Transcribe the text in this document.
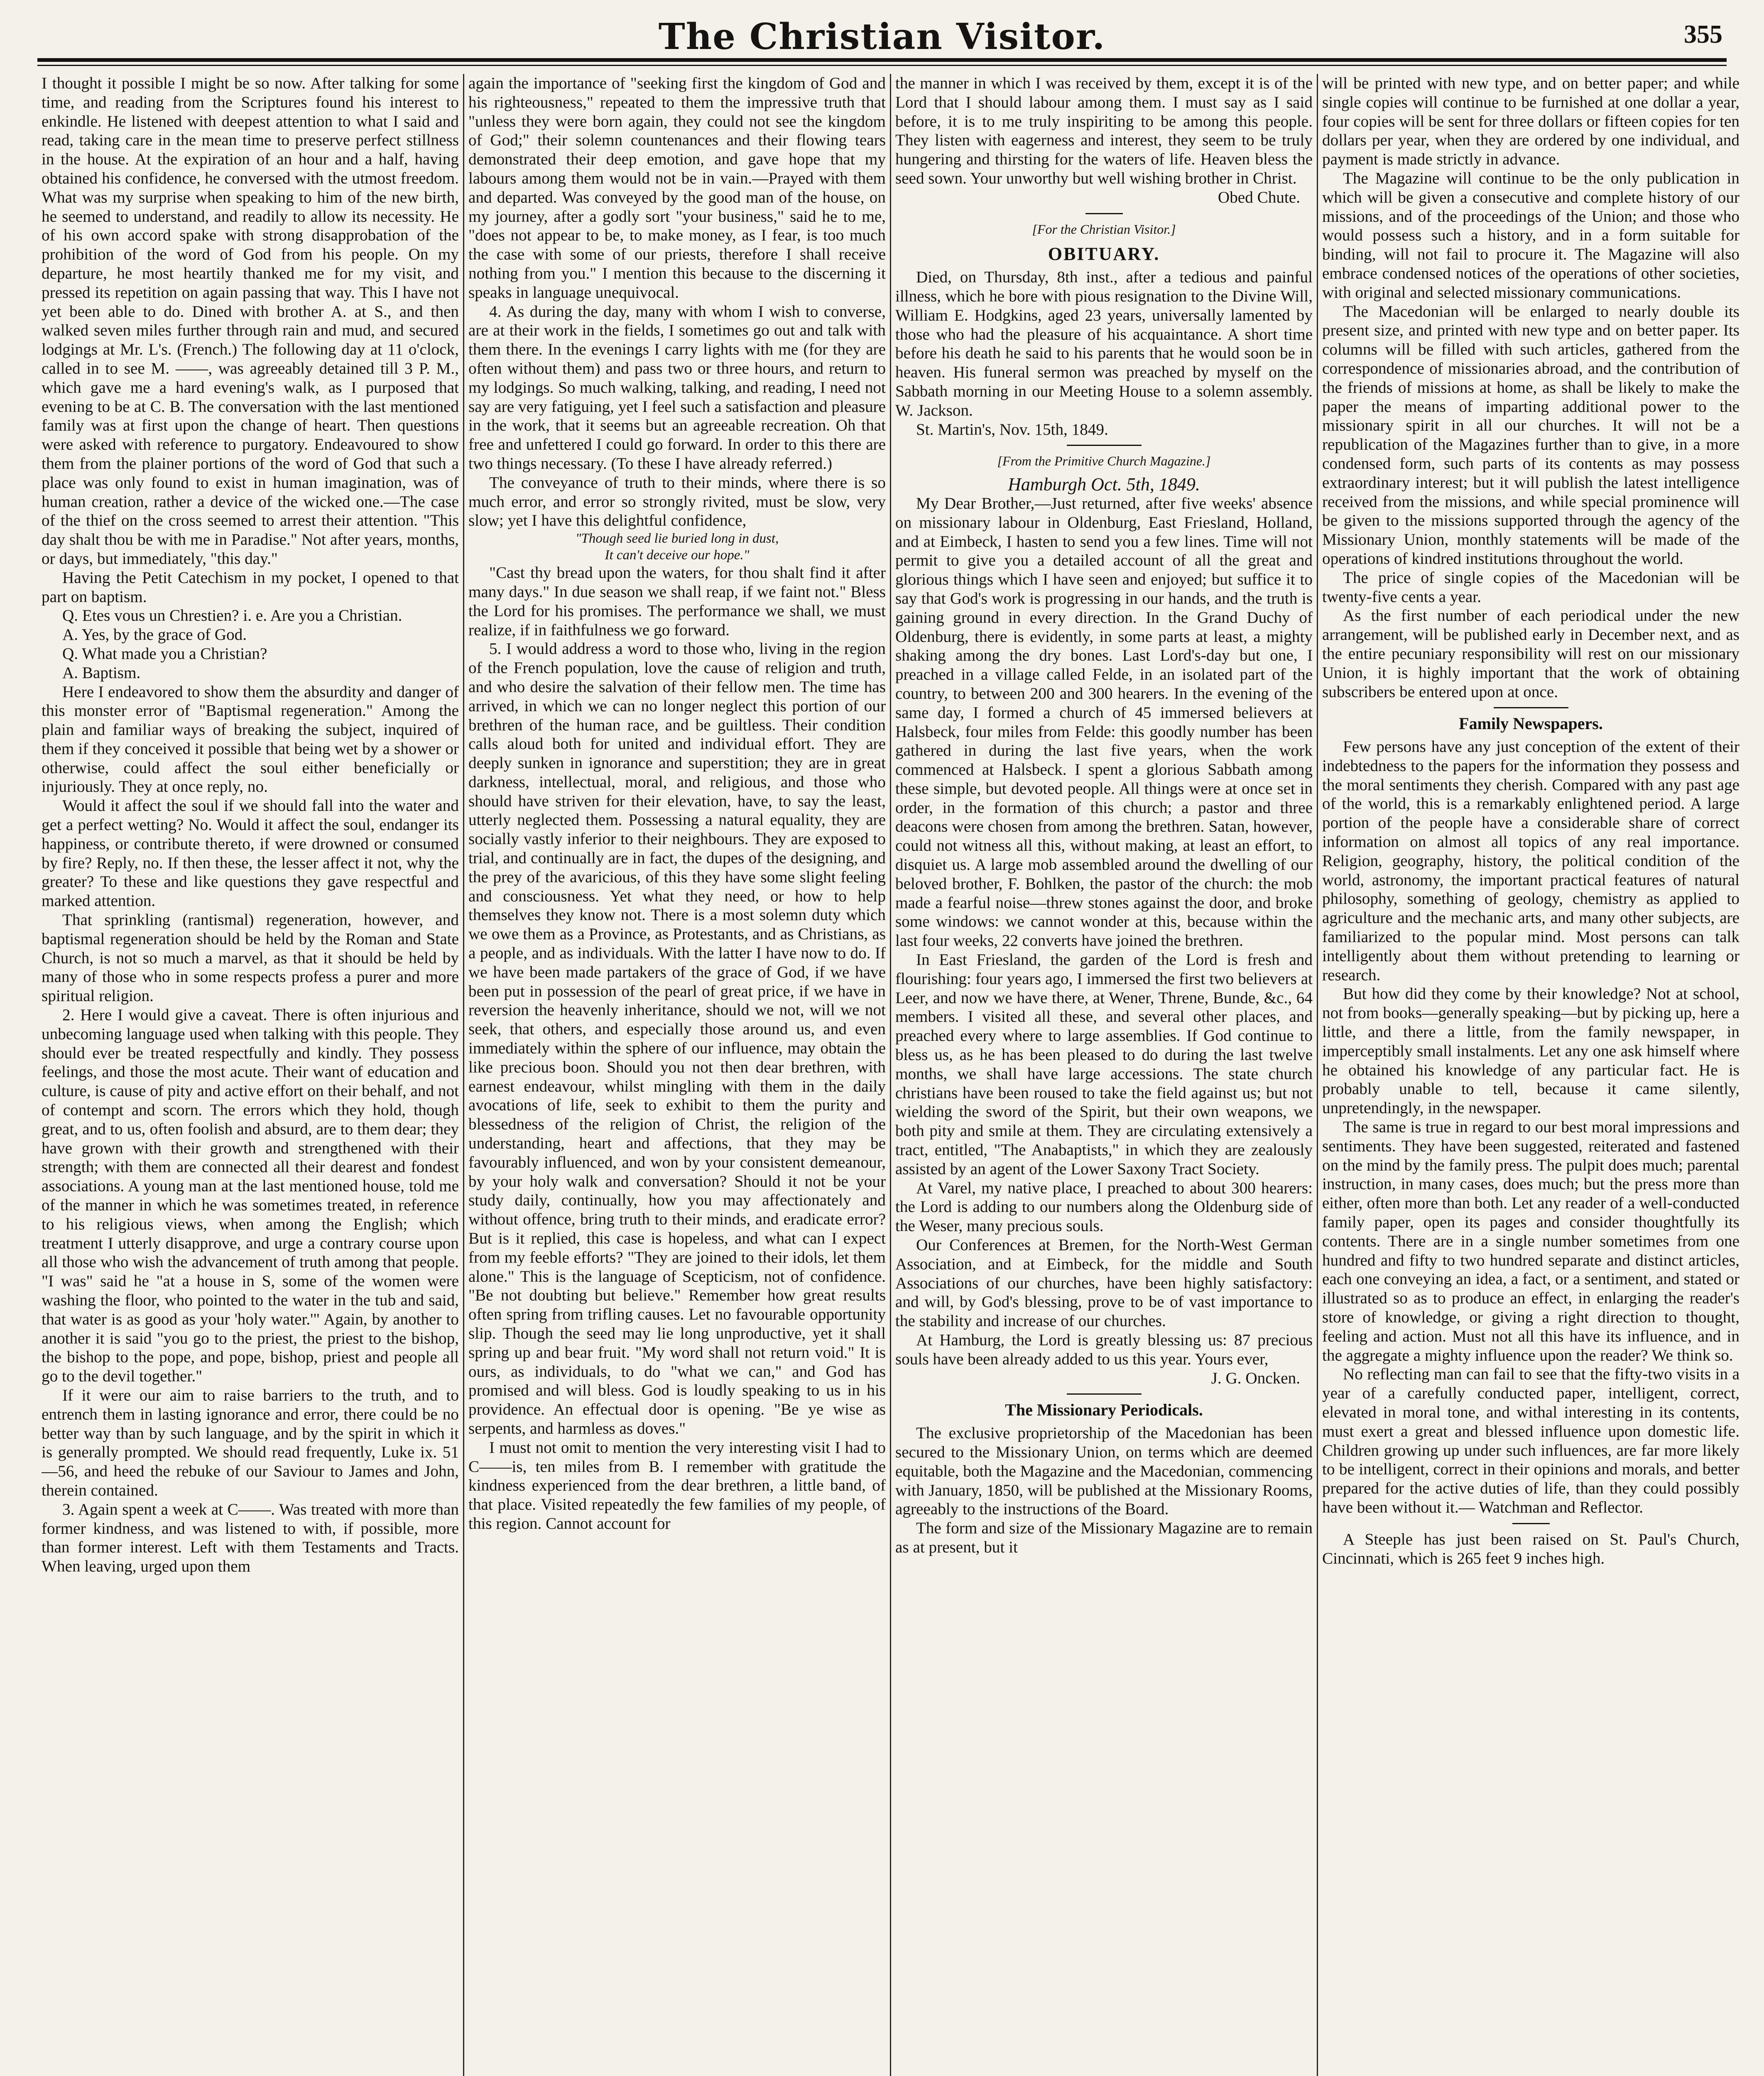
The Christian Visitor.	355

I thought it possible I might be so now. After talking for some time, and reading from the Scriptures found his interest to enkindle. He listened with deepest attention to what I said and read, taking care in the mean time to preserve perfect stillness in the house. At the expiration of an hour and a half, having obtained his confidence, he conversed with the utmost freedom. What was my surprise when speaking to him of the new birth, he seemed to understand, and readily to allow its necessity. He of his own accord spake with strong disapprobation of the prohibition of the word of God from his people. On my departure, he most heartily thanked me for my visit, and pressed its repetition on again passing that way. This I have not yet been able to do. Dined with brother A. at S., and then walked seven miles further through rain and mud, and secured lodgings at Mr. L's. (French.) The following day at 11 o'clock, called in to see M. ——, was agreeably detained till 3 P. M., which gave me a hard evening's walk, as I purposed that evening to be at C. B. The conversation with the last mentioned family was at first upon the change of heart. Then questions were asked with reference to purgatory. Endeavoured to show them from the plainer portions of the word of God that such a place was only found to exist in human imagination, was of human creation, rather a device of the wicked one.—The case of the thief on the cross seemed to arrest their attention. "This day shalt thou be with me in Paradise." Not after years, months, or days, but immediately, "this day."

Having the Petit Catechism in my pocket, I opened to that part on baptism.

Q. Etes vous un Chrestien? i. e. Are you a Christian.

A. Yes, by the grace of God.

Q. What made you a Christian?

A. Baptism.

Here I endeavored to show them the absurdity and danger of this monster error of "Baptismal regeneration." Among the plain and familiar ways of breaking the subject, inquired of them if they conceived it possible that being wet by a shower or otherwise, could affect the soul either beneficially or injuriously. They at once reply, no.

Would it affect the soul if we should fall into the water and get a perfect wetting? No. Would it affect the soul, endanger its happiness, or contribute thereto, if were drowned or consumed by fire? Reply, no. If then these, the lesser affect it not, why the greater? To these and like questions they gave respectful and marked attention.

That sprinkling (rantismal) regeneration, however, and baptismal regeneration should be held by the Roman and State Church, is not so much a marvel, as that it should be held by many of those who in some respects profess a purer and more spiritual religion.

2. Here I would give a caveat. There is often injurious and unbecoming language used when talking with this people. They should ever be treated respectfully and kindly. They possess feelings, and those the most acute. Their want of education and culture, is cause of pity and active effort on their behalf, and not of contempt and scorn. The errors which they hold, though great, and to us, often foolish and absurd, are to them dear; they have grown with their growth and strengthened with their strength; with them are connected all their dearest and fondest associations. A young man at the last mentioned house, told me of the manner in which he was sometimes treated, in reference to his religious views, when among the English; which treatment I utterly disapprove, and urge a contrary course upon all those who wish the advancement of truth among that people. "I was" said he "at a house in S, some of the women were washing the floor, who pointed to the water in the tub and said, that water is as good as your 'holy water.'" Again, by another to another it is said "you go to the priest, the priest to the bishop, the bishop to the pope, and pope, bishop, priest and people all go to the devil together."

If it were our aim to raise barriers to the truth, and to entrench them in lasting ignorance and error, there could be no better way than by such language, and by the spirit in which it is generally prompted. We should read frequently, Luke ix. 51—56, and heed the rebuke of our Saviour to James and John, therein contained.

3. Again spent a week at C——. Was treated with more than former kindness, and was listened to with, if possible, more than former interest. Left with them Testaments and Tracts. When leaving, urged upon them

again the importance of "seeking first the kingdom of God and his righteousness," repeated to them the impressive truth that "unless they were born again, they could not see the kingdom of God;" their solemn countenances and their flowing tears demonstrated their deep emotion, and gave hope that my labours among them would not be in vain.—Prayed with them and departed. Was conveyed by the good man of the house, on my journey, after a godly sort "your business," said he to me, "does not appear to be, to make money, as I fear, is too much the case with some of our priests, therefore I shall receive nothing from you." I mention this because to the discerning it speaks in language unequivocal.

4. As during the day, many with whom I wish to converse, are at their work in the fields, I sometimes go out and talk with them there. In the evenings I carry lights with me (for they are often without them) and pass two or three hours, and return to my lodgings. So much walking, talking, and reading, I need not say are very fatiguing, yet I feel such a satisfaction and pleasure in the work, that it seems but an agreeable recreation. Oh that free and unfettered I could go forward. In order to this there are two things necessary. (To these I have already referred.)

The conveyance of truth to their minds, where there is so much error, and error so strongly rivited, must be slow, very slow; yet I have this delightful confidence,

"Though seed lie buried long in dust,

It can't deceive our hope."

"Cast thy bread upon the waters, for thou shalt find it after many days." In due season we shall reap, if we faint not." Bless the Lord for his promises. The performance we shall, we must realize, if in faithfulness we go forward.

5. I would address a word to those who, living in the region of the French population, love the cause of religion and truth, and who desire the salvation of their fellow men. The time has arrived, in which we can no longer neglect this portion of our brethren of the human race, and be guiltless. Their condition calls aloud both for united and individual effort. They are deeply sunken in ignorance and superstition; they are in great darkness, intellectual, moral, and religious, and those who should have striven for their elevation, have, to say the least, utterly neglected them. Possessing a natural equality, they are socially vastly inferior to their neighbours. They are exposed to trial, and continually are in fact, the dupes of the designing, and the prey of the avaricious, of this they have some slight feeling and consciousness. Yet what they need, or how to help themselves they know not. There is a most solemn duty which we owe them as a Province, as Protestants, and as Christians, as a people, and as individuals. With the latter I have now to do. If we have been made partakers of the grace of God, if we have been put in possession of the pearl of great price, if we have in reversion the heavenly inheritance, should we not, will we not seek, that others, and especially those around us, and even immediately within the sphere of our influence, may obtain the like precious boon. Should you not then dear brethren, with earnest endeavour, whilst mingling with them in the daily avocations of life, seek to exhibit to them the purity and blessedness of the religion of Christ, the religion of the understanding, heart and affections, that they may be favourably influenced, and won by your consistent demeanour, by your holy walk and conversation? Should it not be your study daily, continually, how you may affectionately and without offence, bring truth to their minds, and eradicate error? But is it replied, this case is hopeless, and what can I expect from my feeble efforts? "They are joined to their idols, let them alone." This is the language of Scepticism, not of confidence. "Be not doubting but believe." Remember how great results often spring from trifling causes. Let no favourable opportunity slip. Though the seed may lie long unproductive, yet it shall spring up and bear fruit. "My word shall not return void." It is ours, as individuals, to do "what we can," and God has promised and will bless. God is loudly speaking to us in his providence. An effectual door is opening. "Be ye wise as serpents, and harmless as doves."

I must not omit to mention the very interesting visit I had to C——is, ten miles from B. I remember with gratitude the kindness experienced from the dear brethren, a little band, of that place. Visited repeatedly the few families of my people, of this region. Cannot account for

the manner in which I was received by them, except it is of the Lord that I should labour among them. I must say as I said before, it is to me truly inspiriting to be among this people. They listen with eagerness and interest, they seem to be truly hungering and thirsting for the waters of life. Heaven bless the seed sown. Your unworthy but well wishing brother in Christ.

Obed Chute.

[For the Christian Visitor.]

OBITUARY.

Died, on Thursday, 8th inst., after a tedious and painful illness, which he bore with pious resignation to the Divine Will, William E. Hodgkins, aged 23 years, universally lamented by those who had the pleasure of his acquaintance. A short time before his death he said to his parents that he would soon be in heaven. His funeral sermon was preached by myself on the Sabbath morning in our Meeting House to a solemn assembly. W. Jackson.

St. Martin's, Nov. 15th, 1849.

[From the Primitive Church Magazine.]

Hamburgh Oct. 5th, 1849.

My Dear Brother,—Just returned, after five weeks' absence on missionary labour in Oldenburg, East Friesland, Holland, and at Eimbeck, I hasten to send you a few lines. Time will not permit to give you a detailed account of all the great and glorious things which I have seen and enjoyed; but suffice it to say that God's work is progressing in our hands, and the truth is gaining ground in every direction. In the Grand Duchy of Oldenburg, there is evidently, in some parts at least, a mighty shaking among the dry bones. Last Lord's-day but one, I preached in a village called Felde, in an isolated part of the country, to between 200 and 300 hearers. In the evening of the same day, I formed a church of 45 immersed believers at Halsbeck, four miles from Felde: this goodly number has been gathered in during the last five years, when the work commenced at Halsbeck. I spent a glorious Sabbath among these simple, but devoted people. All things were at once set in order, in the formation of this church; a pastor and three deacons were chosen from among the brethren. Satan, however, could not witness all this, without making, at least an effort, to disquiet us. A large mob assembled around the dwelling of our beloved brother, F. Bohlken, the pastor of the church: the mob made a fearful noise—threw stones against the door, and broke some windows: we cannot wonder at this, because within the last four weeks, 22 converts have joined the brethren.

In East Friesland, the garden of the Lord is fresh and flourishing: four years ago, I immersed the first two believers at Leer, and now we have there, at Wener, Threne, Bunde, &c., 64 members. I visited all these, and several other places, and preached every where to large assemblies. If God continue to bless us, as he has been pleased to do during the last twelve months, we shall have large accessions. The state church christians have been roused to take the field against us; but not wielding the sword of the Spirit, but their own weapons, we both pity and smile at them. They are circulating extensively a tract, entitled, "The Anabaptists," in which they are zealously assisted by an agent of the Lower Saxony Tract Society.

At Varel, my native place, I preached to about 300 hearers: the Lord is adding to our numbers along the Oldenburg side of the Weser, many precious souls.

Our Conferences at Bremen, for the North-West German Association, and at Eimbeck, for the middle and South Associations of our churches, have been highly satisfactory: and will, by God's blessing, prove to be of vast importance to the stability and increase of our churches.

At Hamburg, the Lord is greatly blessing us: 87 precious souls have been already added to us this year. Yours ever,

J. G. Oncken.

The Missionary Periodicals.

The exclusive proprietorship of the Macedonian has been secured to the Missionary Union, on terms which are deemed equitable, both the Magazine and the Macedonian, commencing with January, 1850, will be published at the Missionary Rooms, agreeably to the instructions of the Board.

The form and size of the Missionary Magazine are to remain as at present, but it

will be printed with new type, and on better paper; and while single copies will continue to be furnished at one dollar a year, four copies will be sent for three dollars or fifteen copies for ten dollars per year, when they are ordered by one individual, and payment is made strictly in advance.

The Magazine will continue to be the only publication in which will be given a consecutive and complete history of our missions, and of the proceedings of the Union; and those who would possess such a history, and in a form suitable for binding, will not fail to procure it. The Magazine will also embrace condensed notices of the operations of other societies, with original and selected missionary communications.

The Macedonian will be enlarged to nearly double its present size, and printed with new type and on better paper. Its columns will be filled with such articles, gathered from the correspondence of missionaries abroad, and the contribution of the friends of missions at home, as shall be likely to make the paper the means of imparting additional power to the missionary spirit in all our churches. It will not be a republication of the Magazines further than to give, in a more condensed form, such parts of its contents as may possess extraordinary interest; but it will publish the latest intelligence received from the missions, and while special prominence will be given to the missions supported through the agency of the Missionary Union, monthly statements will be made of the operations of kindred institutions throughout the world.

The price of single copies of the Macedonian will be twenty-five cents a year.

As the first number of each periodical under the new arrangement, will be published early in December next, and as the entire pecuniary responsibility will rest on our missionary Union, it is highly important that the work of obtaining subscribers be entered upon at once.

Family Newspapers.

Few persons have any just conception of the extent of their indebtedness to the papers for the information they possess and the moral sentiments they cherish. Compared with any past age of the world, this is a remarkably enlightened period. A large portion of the people have a considerable share of correct information on almost all topics of any real importance. Religion, geography, history, the political condition of the world, astronomy, the important practical features of natural philosophy, something of geology, chemistry as applied to agriculture and the mechanic arts, and many other subjects, are familiarized to the popular mind. Most persons can talk intelligently about them without pretending to learning or research.

But how did they come by their knowledge? Not at school, not from books—generally speaking—but by picking up, here a little, and there a little, from the family newspaper, in imperceptibly small instalments. Let any one ask himself where he obtained his knowledge of any particular fact. He is probably unable to tell, because it came silently, unpretendingly, in the newspaper.

The same is true in regard to our best moral impressions and sentiments. They have been suggested, reiterated and fastened on the mind by the family press. The pulpit does much; parental instruction, in many cases, does much; but the press more than either, often more than both. Let any reader of a well-conducted family paper, open its pages and consider thoughtfully its contents. There are in a single number sometimes from one hundred and fifty to two hundred separate and distinct articles, each one conveying an idea, a fact, or a sentiment, and stated or illustrated so as to produce an effect, in enlarging the reader's store of knowledge, or giving a right direction to thought, feeling and action. Must not all this have its influence, and in the aggregate a mighty influence upon the reader? We think so.

No reflecting man can fail to see that the fifty-two visits in a year of a carefully conducted paper, intelligent, correct, elevated in moral tone, and withal interesting in its contents, must exert a great and blessed influence upon domestic life. Children growing up under such influences, are far more likely to be intelligent, correct in their opinions and morals, and better prepared for the active duties of life, than they could possibly have been without it.— Watchman and Reflector.

A Steeple has just been raised on St. Paul's Church, Cincinnati, which is 265 feet 9 inches high.
